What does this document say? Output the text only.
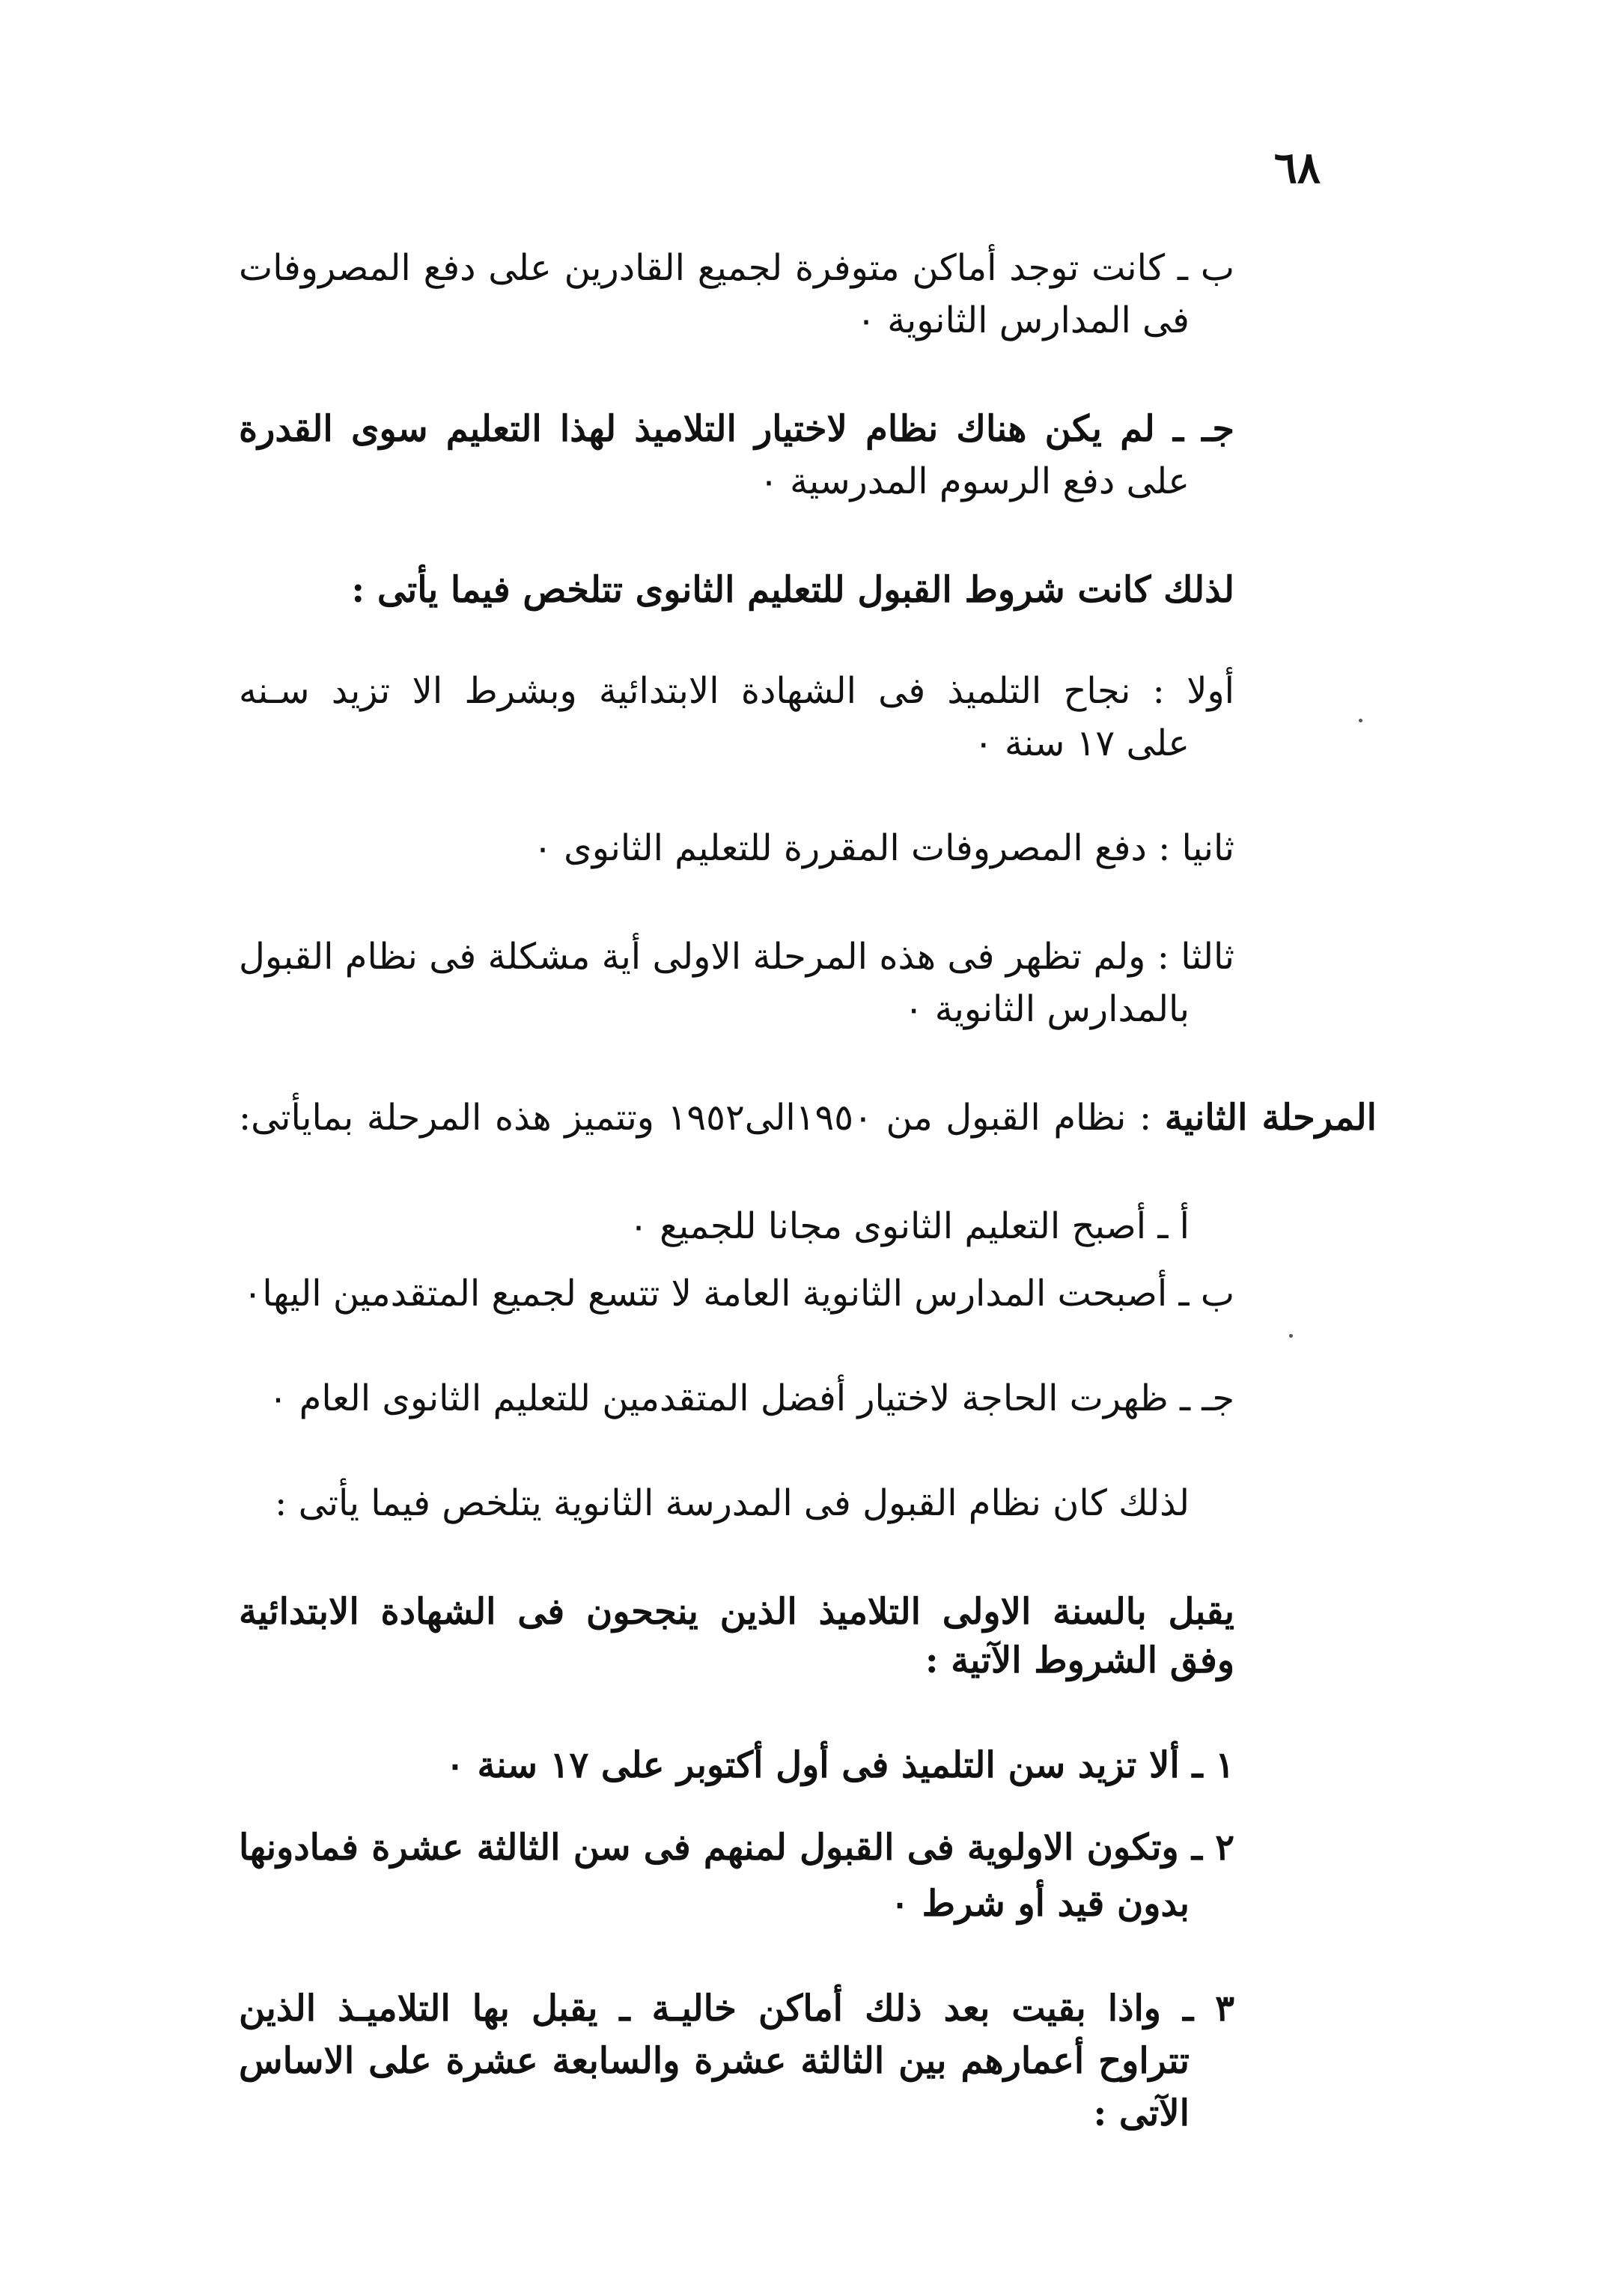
٦٨
ب ـ كانت توجد أماكن متوفرة لجميع القادرين على دفع المصروفات
فى المدارس الثانوية ٠
جـ ـ لم يكن هناك نظام لاختيار التلاميذ لهذا التعليم سوى القدرة
على دفع الرسوم المدرسية ٠
لذلك كانت شروط القبول للتعليم الثانوى تتلخص فيما يأتى :
أولا : نجاح التلميذ فى الشهادة الابتدائية وبشرط الا تزيد سـنه
على ١٧ سنة ٠
ثانيا : دفع المصروفات المقررة للتعليم الثانوى ٠
ثالثا : ولم تظهر فى هذه المرحلة الاولى أية مشكلة فى نظام القبول
بالمدارس الثانوية ٠
المرحلة الثانية : نظام القبول من ١٩٥٠الى١٩٥٢ وتتميز هذه المرحلة بمايأتى:
أ ـ أصبح التعليم الثانوى مجانا للجميع ٠
ب ـ أصبحت المدارس الثانوية العامة لا تتسع لجميع المتقدمين اليها٠
جـ ـ ظهرت الحاجة لاختيار أفضل المتقدمين للتعليم الثانوى العام ٠
لذلك كان نظام القبول فى المدرسة الثانوية يتلخص فيما يأتى :
يقبل بالسنة الاولى التلاميذ الذين ينجحون فى الشهادة الابتدائية
وفق الشروط الآتية :
١ ـ ألا تزيد سن التلميذ فى أول أكتوبر على ١٧ سنة ٠
٢ ـ وتكون الاولوية فى القبول لمنهم فى سن الثالثة عشرة فمادونها
بدون قيد أو شرط ٠
٣ ـ واذا بقيت بعد ذلك أماكن خاليـة ـ يقبل بها التلاميـذ الذين
تتراوح أعمارهم بين الثالثة عشرة والسابعة عشرة على الاساس
الآتى :
